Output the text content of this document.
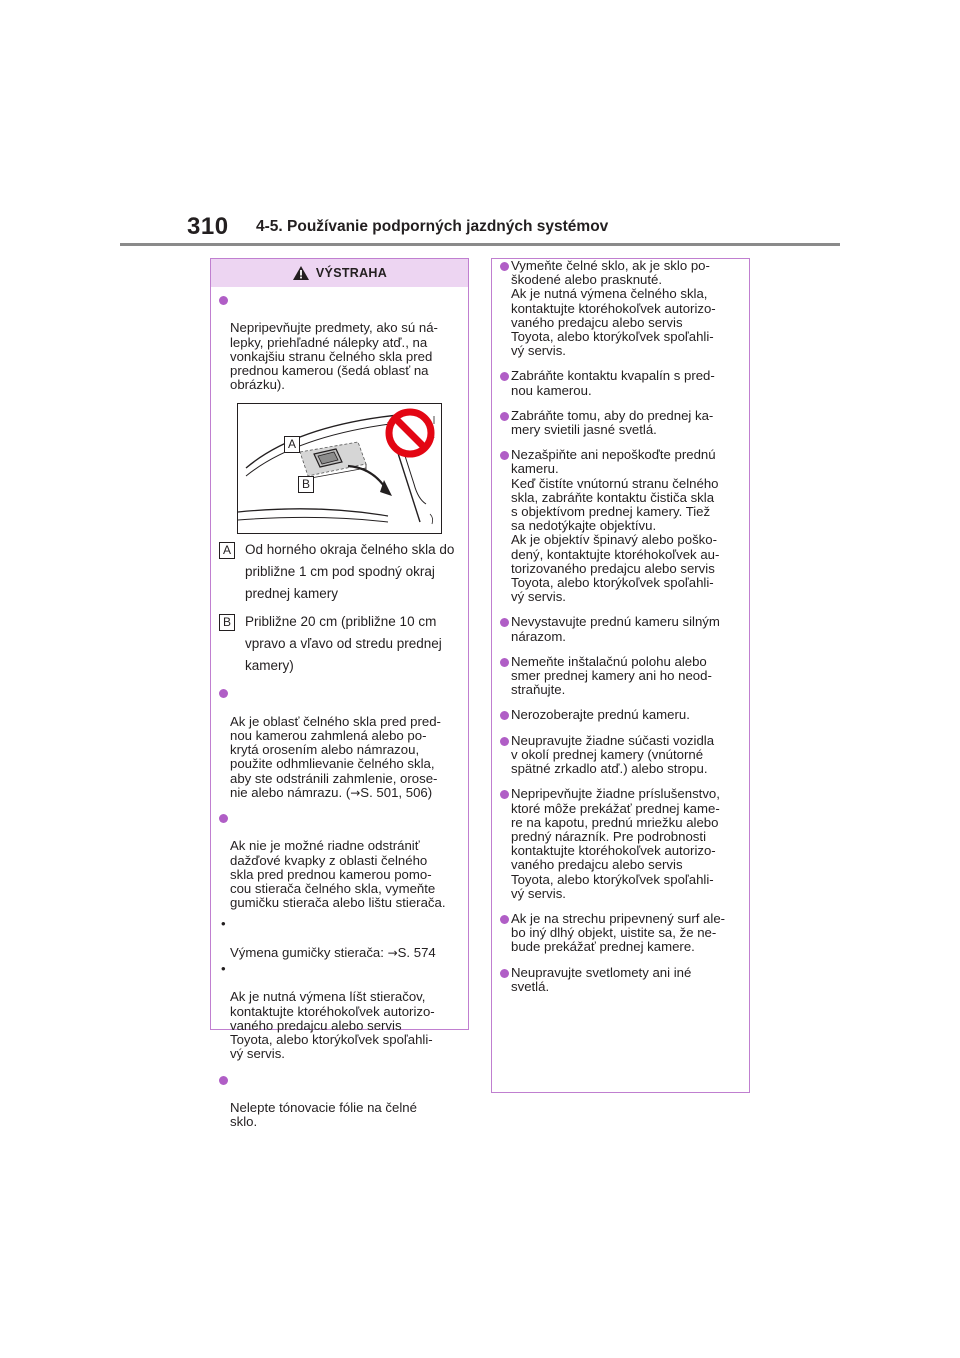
310 4-5. Používanie podporných jazdných systémov
VÝSTRAHA

Nepripevňujte predmety, ako sú ná-
lepky, priehľadné nálepky atď., na
vonkajšiu stranu čelného skla pred
prednou kamerou (šedá oblasť na
obrázku).

A
B
A Od horného okraja čelného skla do
približne 1 cm pod spodný okraj
prednej kamery
B Približne 20 cm (približne 10 cm
vpravo a vľavo od stredu prednej
kamery)

Ak je oblasť čelného skla pred pred-
nou kamerou zahmlená alebo po-
krytá orosením alebo námrazou,
použite odhmlievanie čelného skla,
aby ste odstránili zahmlenie, orose-
nie alebo námrazu. (→S. 501, 506)

Ak nie je možné riadne odstrániť
dažďové kvapky z oblasti čelného
skla pred prednou kamerou pomo-
cou stierača čelného skla, vymeňte
gumičku stierača alebo lištu stierača.

•

Výmena gumičky stierača: →S. 574

•

Ak je nutná výmena líšt stieračov,
kontaktujte ktoréhokoľvek autorizo-
vaného predajcu alebo servis
Toyota, alebo ktorýkoľvek spoľahli-
vý servis.

Nelepte tónovacie fólie na čelné
sklo.

Vymeňte čelné sklo, ak je sklo po-
škodené alebo prasknuté.
Ak je nutná výmena čelného skla,
kontaktujte ktoréhokoľvek autorizo-
vaného predajcu alebo servis
Toyota, alebo ktorýkoľvek spoľahli-
vý servis.
Zabráňte kontaktu kvapalín s pred-
nou kamerou.
Zabráňte tomu, aby do prednej ka-
mery svietili jasné svetlá.
Nezašpiňte ani nepoškoďte prednú
kameru.
Keď čistíte vnútornú stranu čelného
skla, zabráňte kontaktu čističa skla
s objektívom prednej kamery. Tiež
sa nedotýkajte objektívu.
Ak je objektív špinavý alebo poško-
dený, kontaktujte ktoréhokoľvek au-
torizovaného predajcu alebo servis
Toyota, alebo ktorýkoľvek spoľahli-
vý servis.
Nevystavujte prednú kameru silným
nárazom.
Nemeňte inštalačnú polohu alebo
smer prednej kamery ani ho neod-
straňujte.
Nerozoberajte prednú kameru.
Neupravujte žiadne súčasti vozidla
v okolí prednej kamery (vnútorné
spätné zrkadlo atď.) alebo stropu.
Nepripevňujte žiadne príslušenstvo,
ktoré môže prekážať prednej kame-
re na kapotu, prednú mriežku alebo
predný nárazník. Pre podrobnosti
kontaktujte ktoréhokoľvek autorizo-
vaného predajcu alebo servis
Toyota, alebo ktorýkoľvek spoľahli-
vý servis.
Ak je na strechu pripevnený surf ale-
bo iný dlhý objekt, uistite sa, že ne-
bude prekážať prednej kamere.
Neupravujte svetlomety ani iné
svetlá.
